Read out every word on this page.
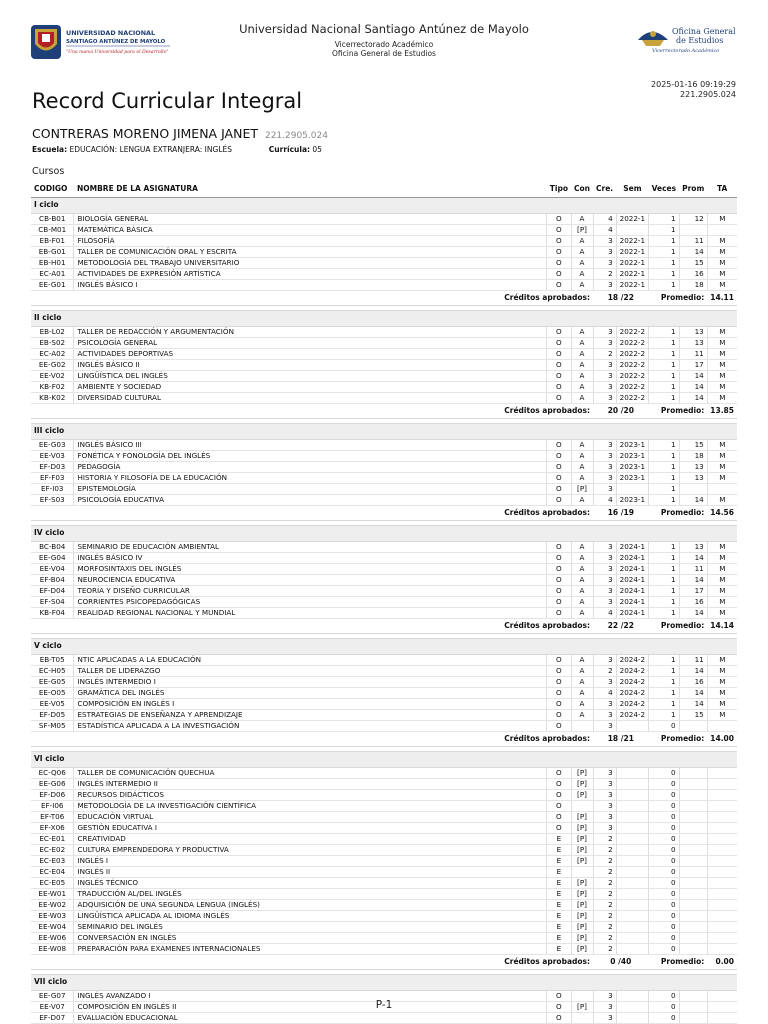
UNIVERSIDAD NACIONAL
SANTIAGO ANTÚNEZ DE MAYOLO
"Una nueva Universidad para el Desarrollo"
Universidad Nacional Santiago Antúnez de Mayolo
Vicerrectorado Académico
Oficina General de Estudios
Oficina General
de Estudios
Vicerrectorado Académico
2025-01-16 09:19:29
221.2905.024
Record Curricular Integral
CONTRERAS MORENO JIMENA JANET 221.2905.024
Escuela: EDUCACIÓN: LENGUA EXTRANJERA: INGLÉS	Currícula: 05
Cursos
CODIGO	NOMBRE DE LA ASIGNATURA	Tipo	Con	Cre.	Sem	Veces	Prom	TA
I ciclo								
CB-B01	BIOLOGÍA GENERAL	O	A	4	2022-1	1	12	M
CB-M01	MATEMÁTICA BÁSICA	O	[P]	4		1		
EB-F01	FILOSOFÍA	O	A	3	2022-1	1	11	M
EB-G01	TALLER DE COMUNICACIÓN ORAL Y ESCRITA	O	A	3	2022-1	1	14	M
EB-H01	METODOLOGÍA DEL TRABAJO UNIVERSITARIO	O	A	3	2022-1	1	15	M
EC-A01	ACTIVIDADES DE EXPRESIÓN ARTÍSTICA	O	A	2	2022-1	1	16	M
EE-G01	INGLÉS BÁSICO I	O	A	3	2022-1	1	18	M
Créditos aprobados:				18 /22		Promedio:		14.11

II ciclo								
EB-L02	TALLER DE REDACCIÓN Y ARGUMENTACIÓN	O	A	3	2022-2	1	13	M
EB-S02	PSICOLOGÍA GENERAL	O	A	3	2022-2	1	13	M
EC-A02	ACTIVIDADES DEPORTIVAS	O	A	2	2022-2	1	11	M
EE-G02	INGLÉS BÁSICO II	O	A	3	2022-2	1	17	M
EE-V02	LINGÜÍSTICA DEL INGLÉS	O	A	3	2022-2	1	14	M
KB-F02	AMBIENTE Y SOCIEDAD	O	A	3	2022-2	1	14	M
KB-K02	DIVERSIDAD CULTURAL	O	A	3	2022-2	1	14	M
Créditos aprobados:				20 /20		Promedio:		13.85

III ciclo								
EE-G03	INGLÉS BÁSICO III	O	A	3	2023-1	1	15	M
EE-V03	FONÉTICA Y FONOLOGÍA DEL INGLÉS	O	A	3	2023-1	1	18	M
EF-D03	PEDAGOGÍA	O	A	3	2023-1	1	13	M
EF-F03	HISTORIA Y FILOSOFÍA DE LA EDUCACIÓN	O	A	3	2023-1	1	13	M
EF-I03	EPISTEMOLOGÍA	O	[P]	3		1		
EF-S03	PSICOLOGÍA EDUCATIVA	O	A	4	2023-1	1	14	M
Créditos aprobados:				16 /19		Promedio:		14.56

IV ciclo								
BC-B04	SEMINARIO DE EDUCACIÓN AMBIENTAL	O	A	3	2024-1	1	13	M
EE-G04	INGLÉS BÁSICO IV	O	A	3	2024-1	1	14	M
EE-V04	MORFOSINTAXIS DEL INGLÉS	O	A	3	2024-1	1	11	M
EF-B04	NEUROCIENCIA EDUCATIVA	O	A	3	2024-1	1	14	M
EF-D04	TEORÍA Y DISEÑO CURRICULAR	O	A	3	2024-1	1	17	M
EF-S04	CORRIENTES PSICOPEDAGÓGICAS	O	A	3	2024-1	1	16	M
KB-F04	REALIDAD REGIONAL NACIONAL Y MUNDIAL	O	A	4	2024-1	1	14	M
Créditos aprobados:				22 /22		Promedio:		14.14

V ciclo								
EB-T05	NTIC APLICADAS A LA EDUCACIÓN	O	A	3	2024-2	1	11	M
EC-H05	TALLER DE LIDERAZGO	O	A	2	2024-2	1	14	M
EE-G05	INGLÉS INTERMEDIO I	O	A	3	2024-2	1	16	M
EE-O05	GRAMÁTICA DEL INGLÉS	O	A	4	2024-2	1	14	M
EE-V05	COMPOSICIÓN EN INGLÉS I	O	A	3	2024-2	1	14	M
EF-D05	ESTRATEGIAS DE ENSEÑANZA Y APRENDIZAJE	O	A	3	2024-2	1	15	M
SF-M05	ESTADÍSTICA APLICADA A LA INVESTIGACIÓN	O		3		0		
Créditos aprobados:				18 /21		Promedio:		14.00

VI ciclo								
EC-Q06	TALLER DE COMUNICACIÓN QUECHUA	O	[P]	3		0		
EE-G06	INGLÉS INTERMEDIO II	O	[P]	3		0		
EF-D06	RECURSOS DIDÁCTICOS	O	[P]	3		0		
EF-I06	METODOLOGÍA DE LA INVESTIGACIÓN CIENTÍFICA	O		3		0		
EF-T06	EDUCACIÓN VIRTUAL	O	[P]	3		0		
EF-X06	GESTIÓN EDUCATIVA I	O	[P]	3		0		
EC-E01	CREATIVIDAD	E	[P]	2		0		
EC-E02	CULTURA EMPRENDEDORA Y PRODUCTIVA	E	[P]	2		0		
EC-E03	INGLÉS I	E	[P]	2		0		
EC-E04	INGLÉS II	E		2		0		
EC-E05	INGLÉS TÉCNICO	E	[P]	2		0		
EE-W01	TRADUCCIÓN AL/DEL INGLÉS	E	[P]	2		0		
EE-W02	ADQUISICIÓN DE UNA SEGUNDA LENGUA (INGLÉS)	E	[P]	2		0		
EE-W03	LINGÜÍSTICA APLICADA AL IDIOMA INGLÉS	E	[P]	2		0		
EE-W04	SEMINARIO DEL INGLÉS	E	[P]	2		0		
EE-W06	CONVERSACIÓN EN INGLÉS	E	[P]	2		0		
EE-W08	PREPARACIÓN PARA EXAMENES INTERNACIONALES	E	[P]	2		0		
Créditos aprobados:				0 /40		Promedio:		0.00

VII ciclo								
EE-G07	INGLÉS AVANZADO I	O		3		0		
EE-V07	COMPOSICIÓN EN INGLÉS II	O	[P]	3		0		
EF-D07	EVALUACIÓN EDUCACIONAL	O		3		0		
P-1
